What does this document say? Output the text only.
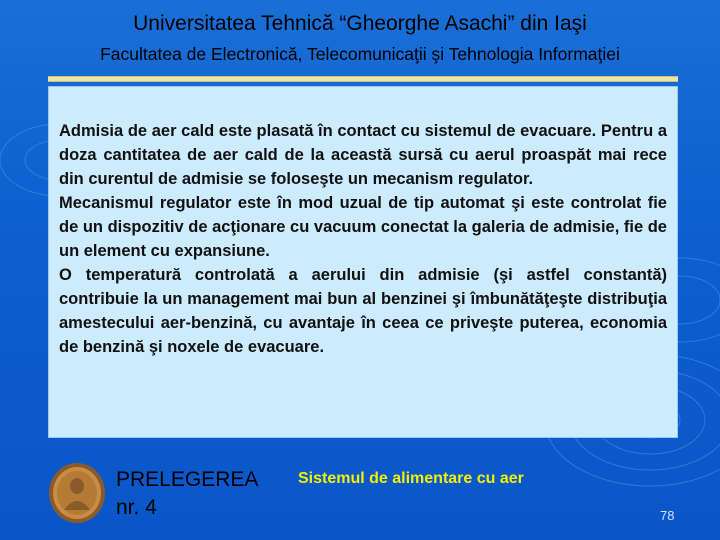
Universitatea Tehnică “Gheorghe Asachi” din Iaşi
Facultatea de Electronică, Telecomunicaţii şi Tehnologia Informaţiei

Admisia de aer cald este plasată în contact cu sistemul de evacuare. Pentru a doza cantitatea de aer cald de la această sursă cu aerul proaspăt mai rece din curentul de admisie se foloseşte un mecanism regulator.

Mecanismul regulator este în mod uzual de tip automat şi este controlat fie de un dispozitiv de acţionare cu vacuum conectat la galeria de admisie, fie de un element cu expansiune.

O temperatură controlată a aerului din admisie (şi astfel constantă) contribuie la un management mai bun al benzinei şi îmbunătăţeşte distribuţia amestecului aer-benzină, cu avantaje în ceea ce priveşte puterea, economia de benzină şi noxele de evacuare.

PRELEGEREA
nr. 4
Sistemul de alimentare cu aer
78
